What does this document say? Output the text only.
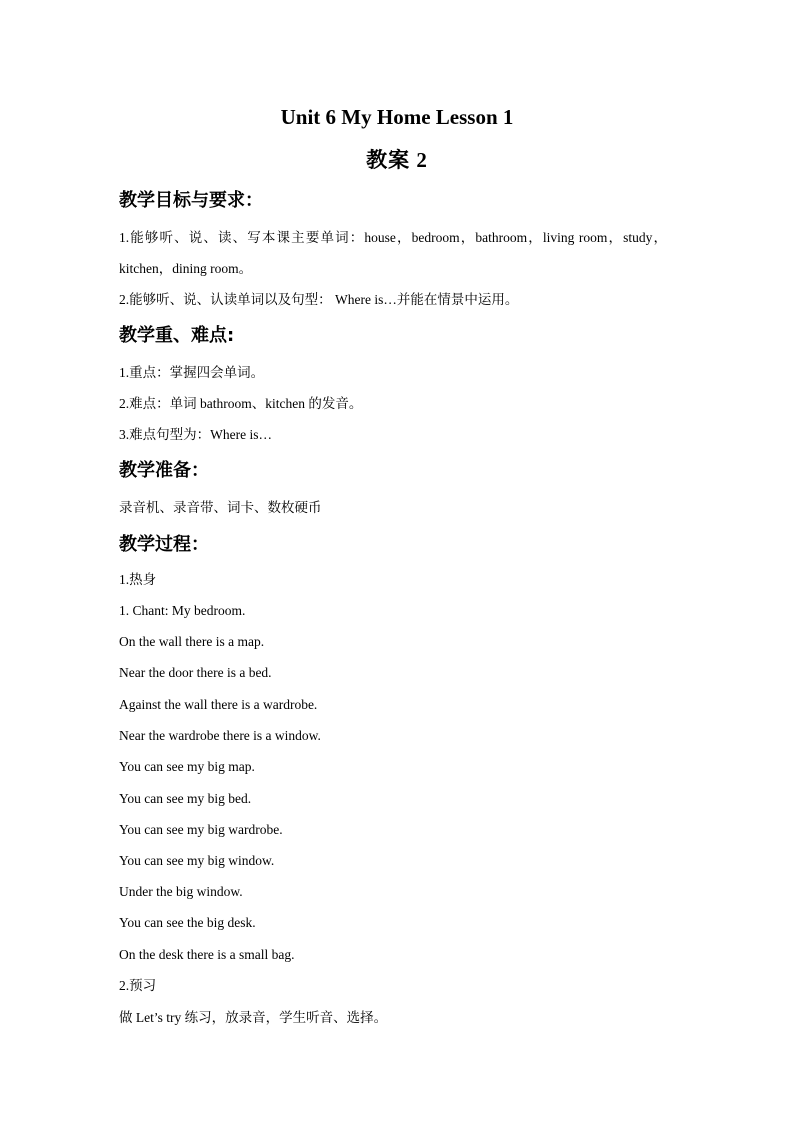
Unit 6 My Home Lesson 1
教案 2
教学目标与要求：
1.能够听、说、读、写本课主要单词：house，bedroom，bathroom，living room，study，
kitchen，dining room。
2.能够听、说、认读单词以及句型： Where is…并能在情景中运用。
教学重、难点:
1.重点：掌握四会单词。
2.难点：单词 bathroom、kitchen 的发音。
3.难点句型为：Where is…
教学准备：
录音机、录音带、词卡、数枚硬币
教学过程：
1.热身
1. Chant: My bedroom.
On the wall there is a map.
Near the door there is a bed.
Against the wall there is a wardrobe.
Near the wardrobe there is a window.
You can see my big map.
You can see my big bed.
You can see my big wardrobe.
You can see my big window.
Under the big window.
You can see the big desk.
On the desk there is a small bag.
2.预习
做 Let’s try 练习，放录音，学生听音、选择。
